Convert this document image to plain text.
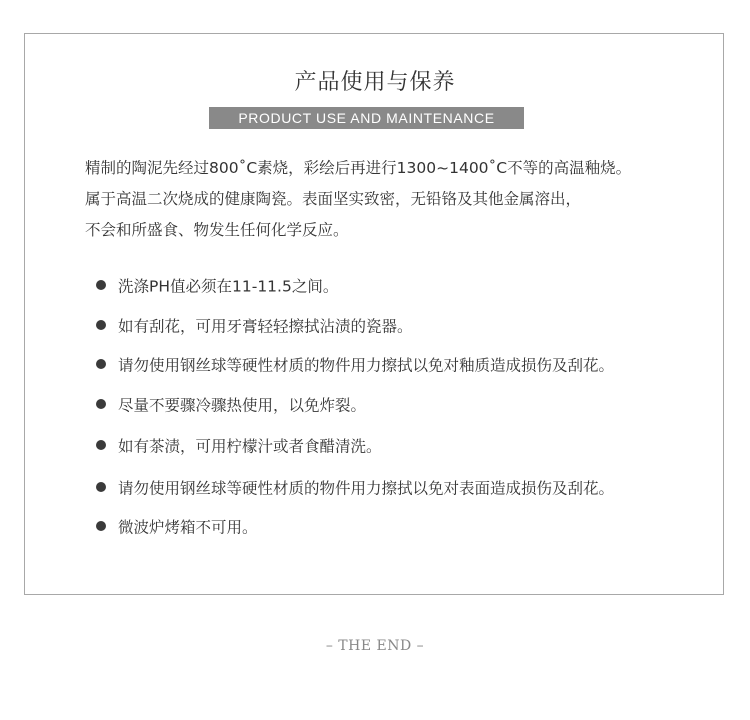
产品使用与保养
PRODUCT USE AND MAINTENANCE
精制的陶泥先经过800˚C素烧，彩绘后再进行1300~1400˚C不等的高温釉烧。
属于高温二次烧成的健康陶瓷。表面坚实致密，无铅铬及其他金属溶出，
不会和所盛食、物发生任何化学反应。
洗涤PH值必须在11-11.5之间。
如有刮花，可用牙膏轻轻擦拭沾渍的瓷器。
请勿使用钢丝球等硬性材质的物件用力擦拭以免对釉质造成损伤及刮花。
尽量不要骤冷骤热使用，以免炸裂。
如有茶渍，可用柠檬汁或者食醋清洗。
请勿使用钢丝球等硬性材质的物件用力擦拭以免对表面造成损伤及刮花。
微波炉烤箱不可用。
– THE END –
